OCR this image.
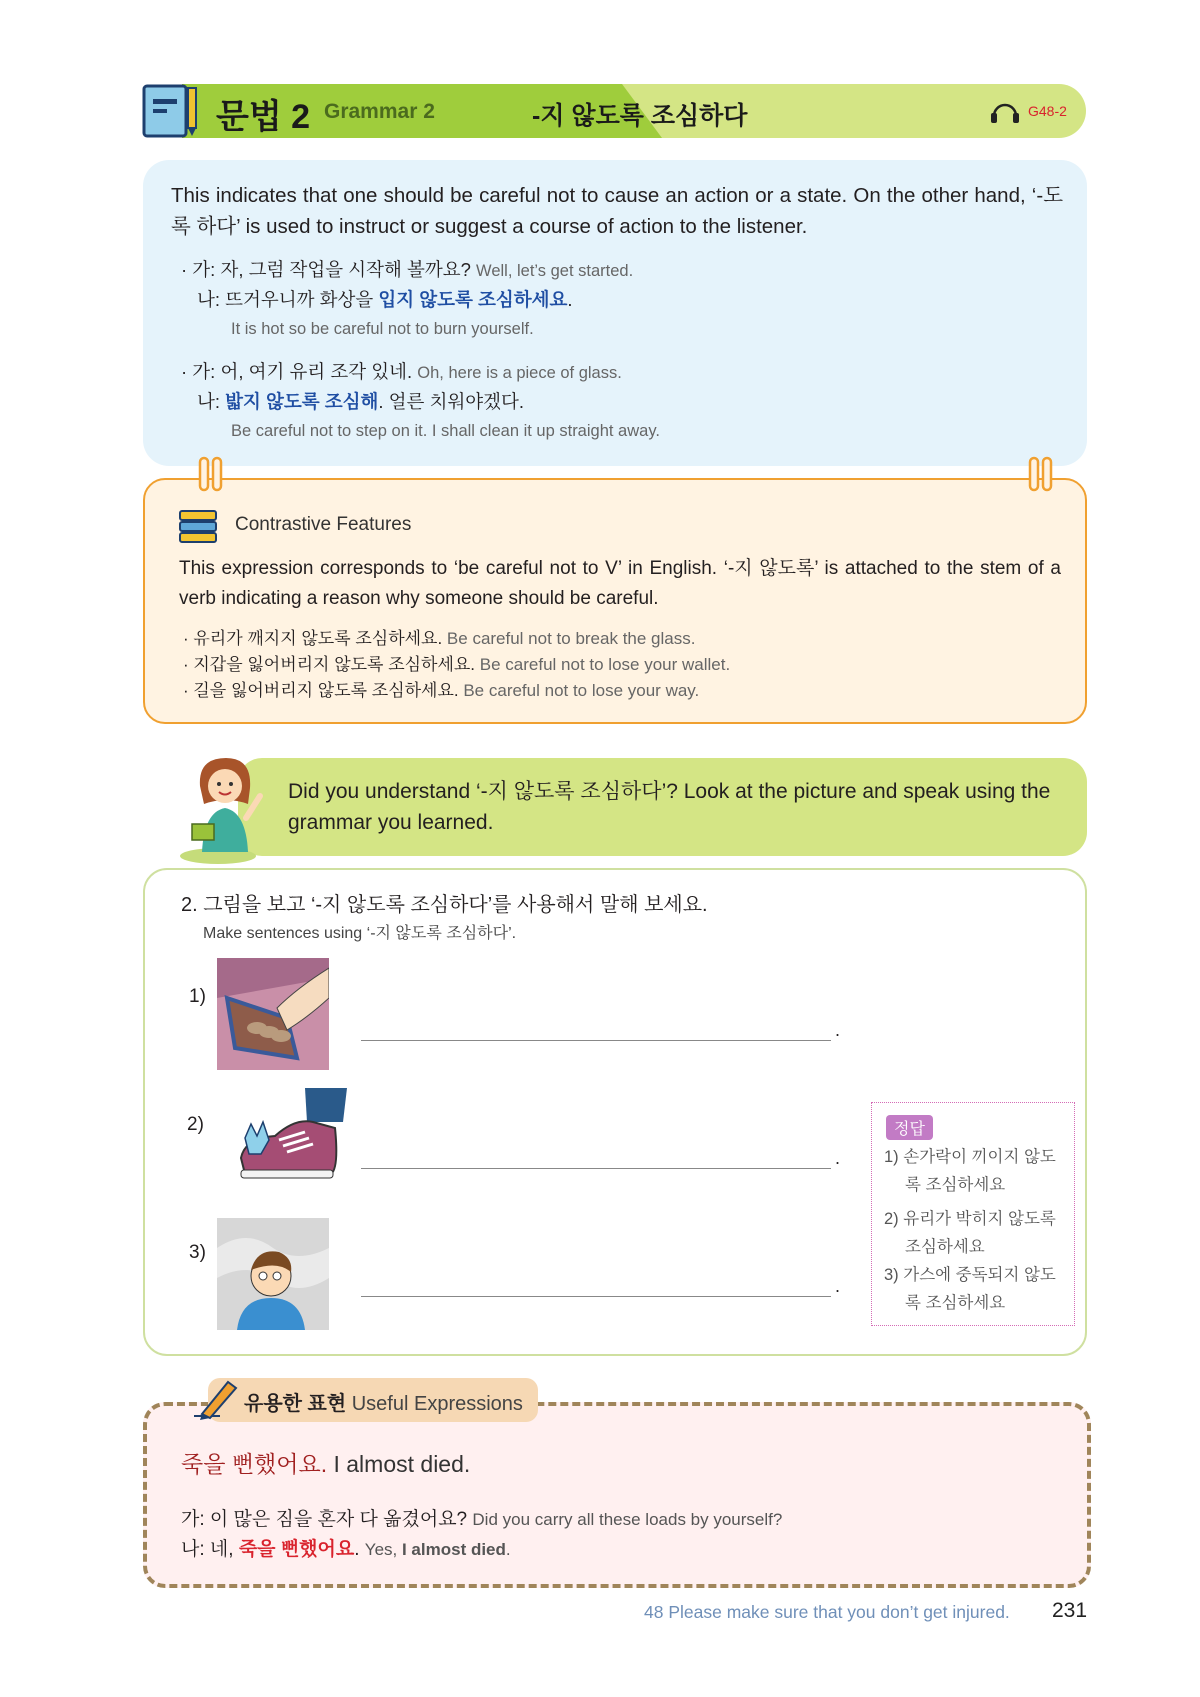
문법 2 Grammar 2	-지 않도록 조심하다	G48-2
This indicates that one should be careful not to cause an action or a state. On the other hand, ‘-도록 하다’ is used to instruct or suggest a course of action to the listener.
· 가: 자, 그럼 작업을 시작해 볼까요? Well, let’s get started.
나: 뜨거우니까 화상을 입지 않도록 조심하세요.
It is hot so be careful not to burn yourself.
· 가: 어, 여기 유리 조각 있네. Oh, here is a piece of glass.
나: 밟지 않도록 조심해. 얼른 치워야겠다.
Be careful not to step on it. I shall clean it up straight away.
Contrastive Features
This expression corresponds to ‘be careful not to V’ in English. ‘-지 않도록’ is attached to the stem of a verb indicating a reason why someone should be careful.
· 유리가 깨지지 않도록 조심하세요. Be careful not to break the glass.
· 지갑을 잃어버리지 않도록 조심하세요. Be careful not to lose your wallet.
· 길을 잃어버리지 않도록 조심하세요. Be careful not to lose your way.
Did you understand ‘-지 않도록 조심하다’? Look at the picture and speak using the grammar you learned.
2. 그림을 보고 ‘-지 않도록 조심하다’를 사용해서 말해 보세요.
Make sentences using ‘-지 않도록 조심하다’.
1)
.
2)
.
3)
.
정답
1) 손가락이 끼이지 않도
록 조심하세요
2) 유리가 박히지 않도록
조심하세요
3) 가스에 중독되지 않도
록 조심하세요
죽을 뻔했어요. I almost died.
가: 이 많은 짐을 혼자 다 옮겼어요? Did you carry all these loads by yourself?
나: 네, 죽을 뻔했어요. Yes, I almost died.
유용한 표현 Useful Expressions
48 Please make sure that you don’t get injured. 231
